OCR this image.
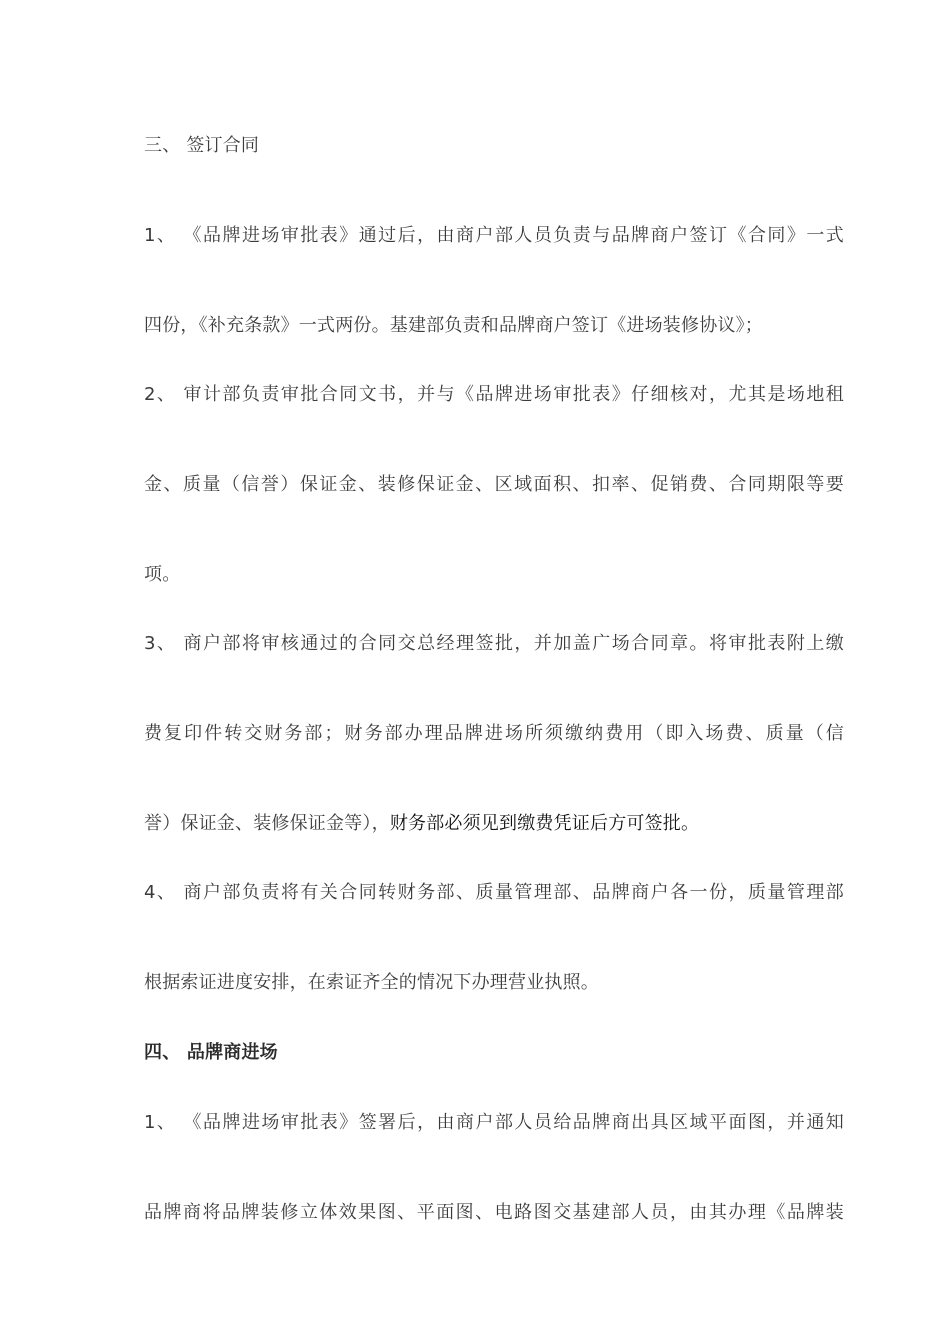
三、 签订合同
1、 《品牌进场审批表》通过后，由商户部人员负责与品牌商户签订《合同》一式
四份，《补充条款》一式两份。基建部负责和品牌商户签订《进场装修协议》；
2、 审计部负责审批合同文书，并与《品牌进场审批表》仔细核对，尤其是场地租
金、质量（信誉）保证金、装修保证金、区域面积、扣率、促销费、合同期限等要
项。
3、 商户部将审核通过的合同交总经理签批，并加盖广场合同章。将审批表附上缴
费复印件转交财务部；财务部办理品牌进场所须缴纳费用（即入场费、质量（信
誉）保证金、装修保证金等），财务部必须见到缴费凭证后方可签批。
4、 商户部负责将有关合同转财务部、质量管理部、品牌商户各一份，质量管理部
根据索证进度安排，在索证齐全的情况下办理营业执照。
四、 品牌商进场
1、 《品牌进场审批表》签署后，由商户部人员给品牌商出具区域平面图，并通知
品牌商将品牌装修立体效果图、平面图、电路图交基建部人员，由其办理《品牌装
